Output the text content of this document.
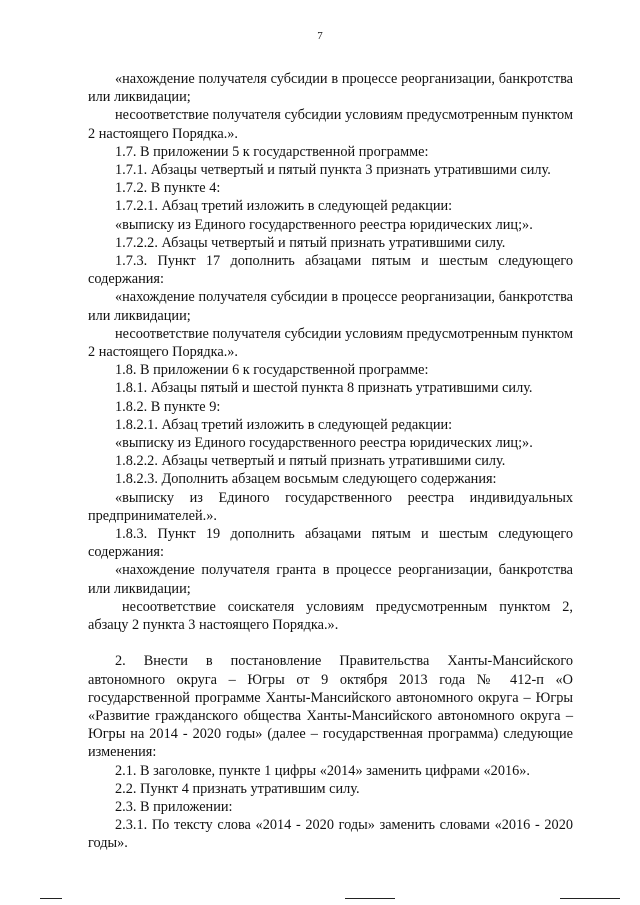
7

«нахождение получателя субсидии в процессе реорганизации, банкротства или ликвидации;

несоответствие получателя субсидии условиям предусмотренным пунктом 2 настоящего Порядка.».

1.7. В приложении 5 к государственной программе:

1.7.1. Абзацы четвертый и пятый пункта 3 признать утратившими силу.

1.7.2. В пункте 4:

1.7.2.1. Абзац третий изложить в следующей редакции:

«выписку из Единого государственного реестра юридических лиц;».

1.7.2.2. Абзацы четвертый и пятый признать утратившими силу.

1.7.3. Пункт 17 дополнить абзацами пятым и шестым следующего содержания:

«нахождение получателя субсидии в процессе реорганизации, банкротства или ликвидации;

несоответствие получателя субсидии условиям предусмотренным пунктом 2 настоящего Порядка.».

1.8. В приложении 6 к государственной программе:

1.8.1. Абзацы пятый и шестой пункта 8 признать утратившими силу.

1.8.2. В пункте 9:

1.8.2.1. Абзац третий изложить в следующей редакции:

«выписку из Единого государственного реестра юридических лиц;».

1.8.2.2. Абзацы четвертый и пятый признать утратившими силу.

1.8.2.3. Дополнить абзацем восьмым следующего содержания:

«выписку из Единого государственного реестра индивидуальных предпринимателей.».

1.8.3. Пункт 19 дополнить абзацами пятым и шестым следующего содержания:

«нахождение получателя гранта в процессе реорганизации, банкротства или ликвидации;

несоответствие соискателя условиям предусмотренным пунктом 2, абзацу 2 пункта 3 настоящего Порядка.».

2. Внести в постановление Правительства Ханты-Мансийского автономного округа – Югры от 9 октября 2013 года № 412-п «О государственной программе Ханты-Мансийского автономного округа – Югры «Развитие гражданского общества Ханты-Мансийского автономного округа – Югры на 2014 - 2020 годы» (далее – государственная программа) следующие изменения:

2.1. В заголовке, пункте 1 цифры «2014» заменить цифрами «2016».

2.2. Пункт 4 признать утратившим силу.

2.3. В приложении:

2.3.1. По тексту слова «2014 - 2020 годы» заменить словами «2016 - 2020 годы».
